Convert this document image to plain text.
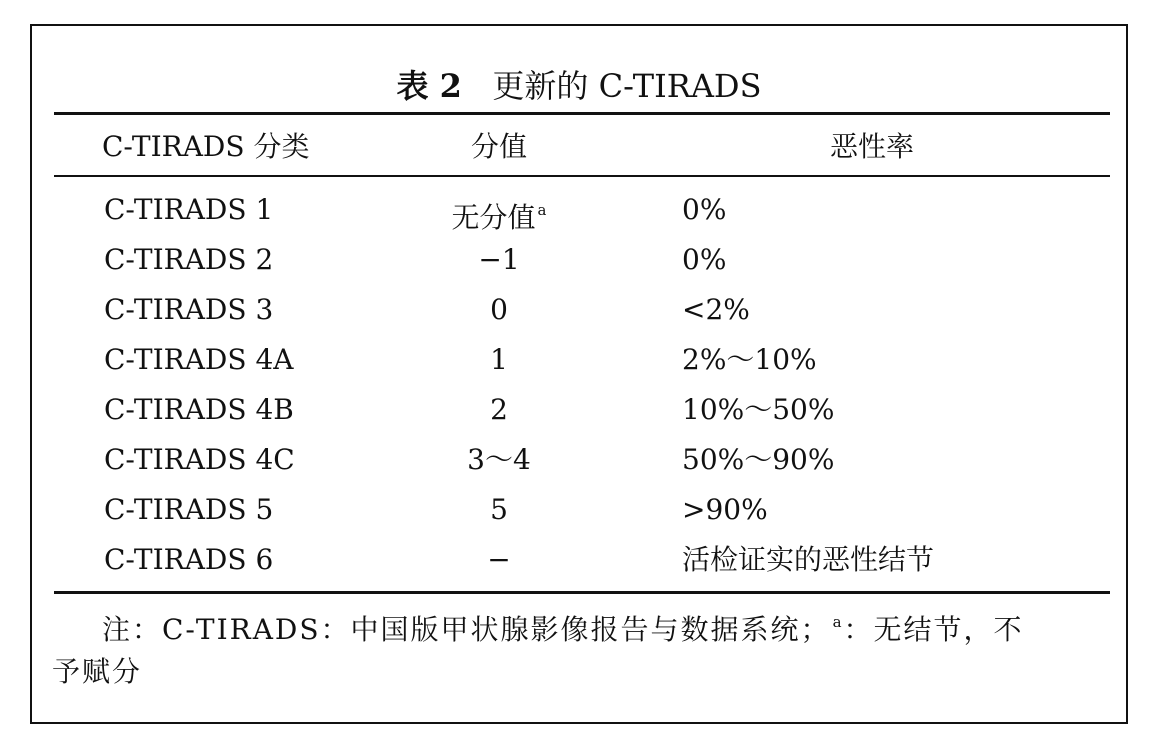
表 2 更新的 C-TIRADS
C-TIRADS 分类	分值	恶性率
C-TIRADS 1	无分值 $^a$	0%
C-TIRADS 2	−1	0%
C-TIRADS 3	0	<2%
C-TIRADS 4A	1	2%～10%
C-TIRADS 4B	2	10%～50%
C-TIRADS 4C	3～4	50%～90%
C-TIRADS 5	5	>90%
C-TIRADS 6	−	活检证实的恶性结节
注：C-TIRADS：中国版甲状腺影像报告与数据系统； $^a$：无结节，不
予赋分
